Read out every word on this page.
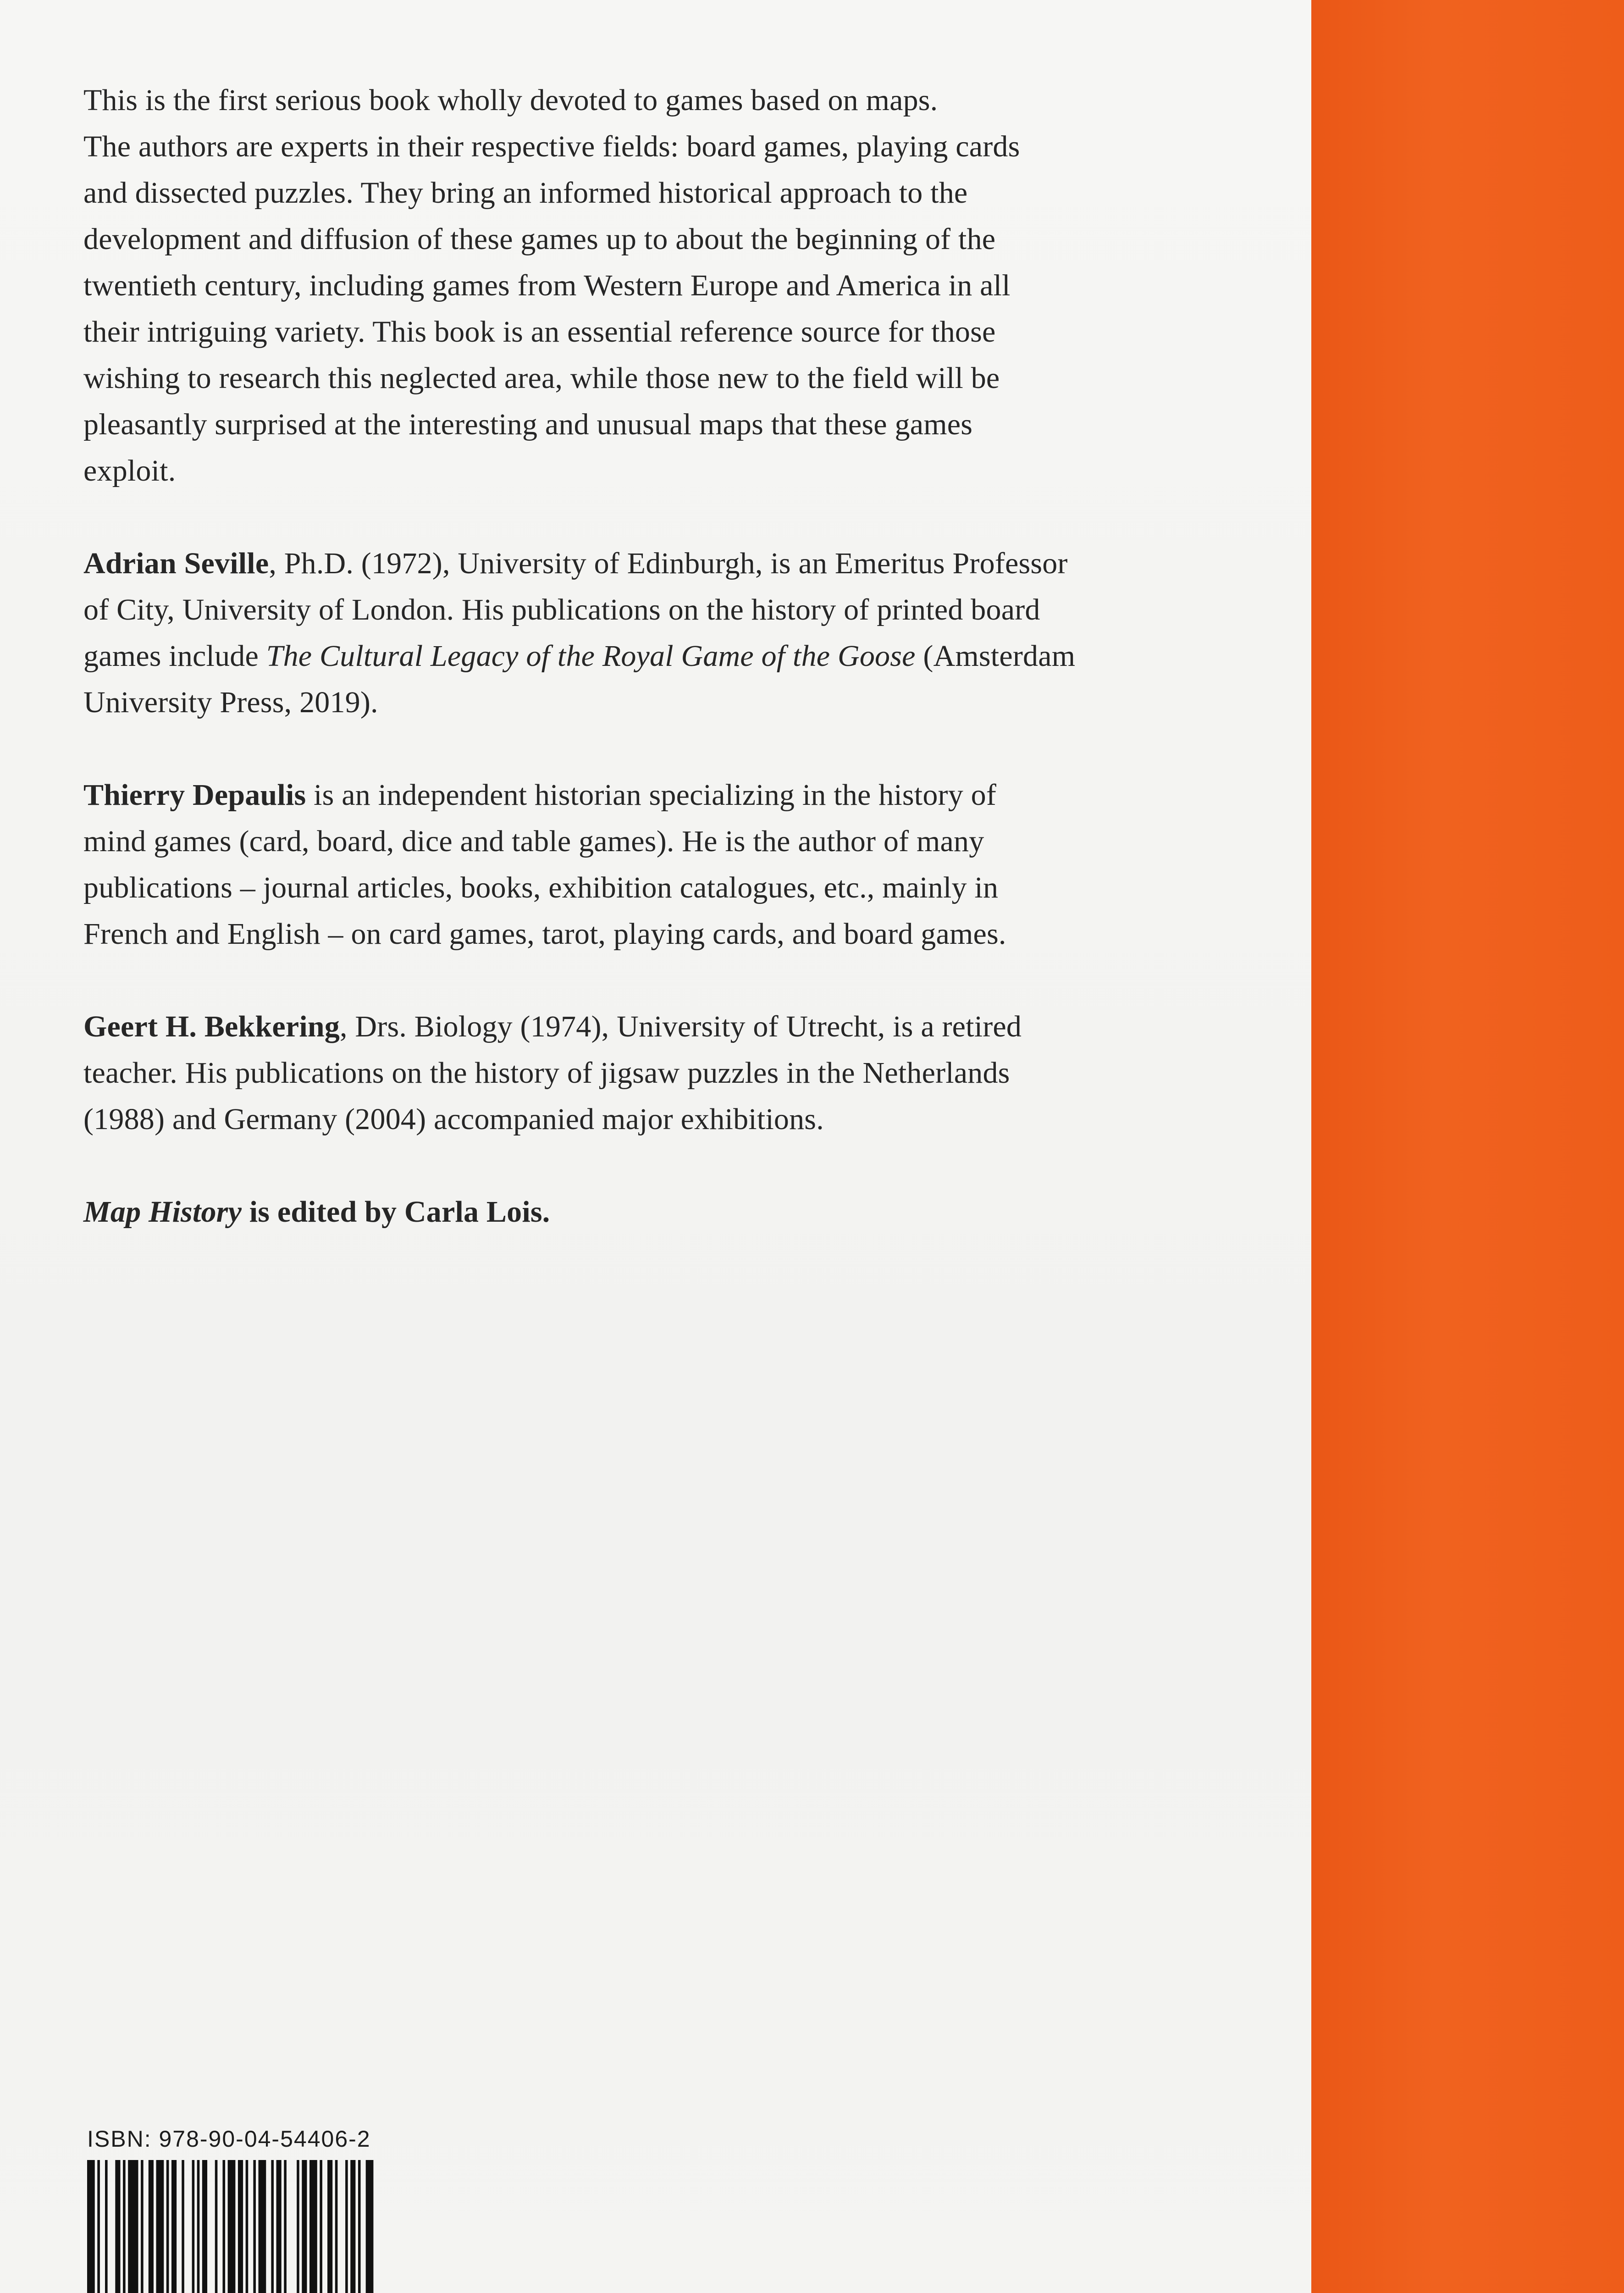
This is the first serious book wholly devoted to games based on maps.
The authors are experts in their respective fields: board games, playing cards
and dissected puzzles. They bring an informed historical approach to the
development and diffusion of these games up to about the beginning of the
twentieth century, including games from Western Europe and America in all
their intriguing variety. This book is an essential reference source for those
wishing to research this neglected area, while those new to the field will be
pleasantly surprised at the interesting and unusual maps that these games
exploit.

Adrian Seville, Ph.D. (1972), University of Edinburgh, is an Emeritus Professor
of City, University of London. His publications on the history of printed board
games include The Cultural Legacy of the Royal Game of the Goose (Amsterdam
University Press, 2019).

Thierry Depaulis is an independent historian specializing in the history of
mind games (card, board, dice and table games). He is the author of many
publications – journal articles, books, exhibition catalogues, etc., mainly in
French and English – on card games, tarot, playing cards, and board games.

Geert H. Bekkering, Drs. Biology (1974), University of Utrecht, is a retired
teacher. His publications on the history of jigsaw puzzles in the Netherlands
(1988) and Germany (2004) accompanied major exhibitions.

Map History is edited by Carla Lois.

ISBN: 978-90-04-54406-2
